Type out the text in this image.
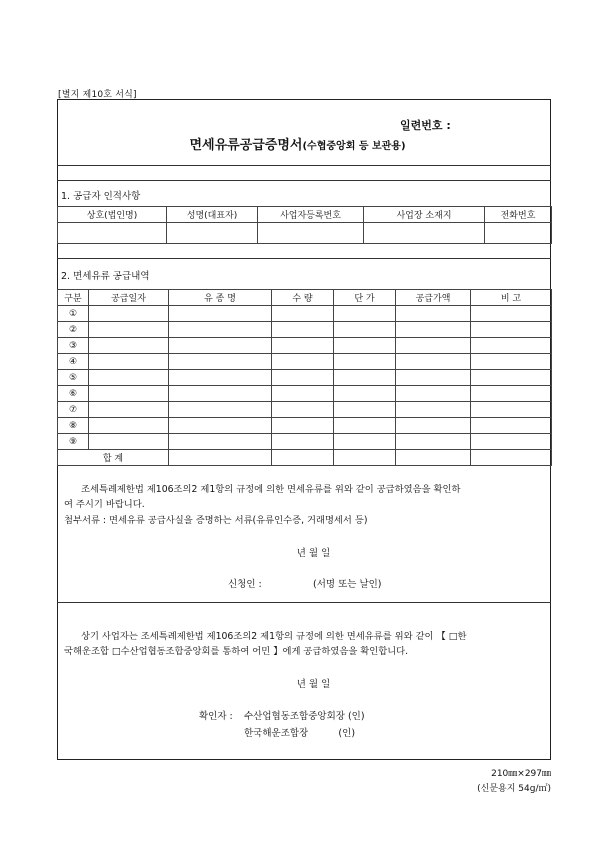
[별지 제10호 서식]
일련번호 :
면세유류공급증명서(수협중앙회 등 보관용)
1. 공급자 인적사항
상호(법인명)	성명(대표자)	사업자등록번호	사업장 소재지	전화번호

2. 면세유류 공급내역
구분	공급일자	유 종 명	수 량	단 가	공급가액	비 고
①						
②						
③						
④						
⑤						
⑥						
⑦						
⑧						
⑨						
합 계						
조세특례제한법 제106조의2 제1항의 규정에 의한 면세유류를 위와 같이 공급하였음을 확인하
여 주시기 바랍니다.
첨부서류 : 면세유류 공급사실을 증명하는 서류(유류인수증, 거래명세서 등)
년 월 일
신청인 :	(서명 또는 날인)
상기 사업자는 조세특례제한법 제106조의2 제1항의 규정에 의한 면세유류를 위와 같이 【 □한
국해운조합 □수산업협동조합중앙회를 통하여 어민 】에게 공급하였음을 확인합니다.
년 월 일
확인자 : 수산업협동조합중앙회장 (인)
한국해운조합장          (인)
210㎜×297㎜
(신문용지 54g/㎡)
